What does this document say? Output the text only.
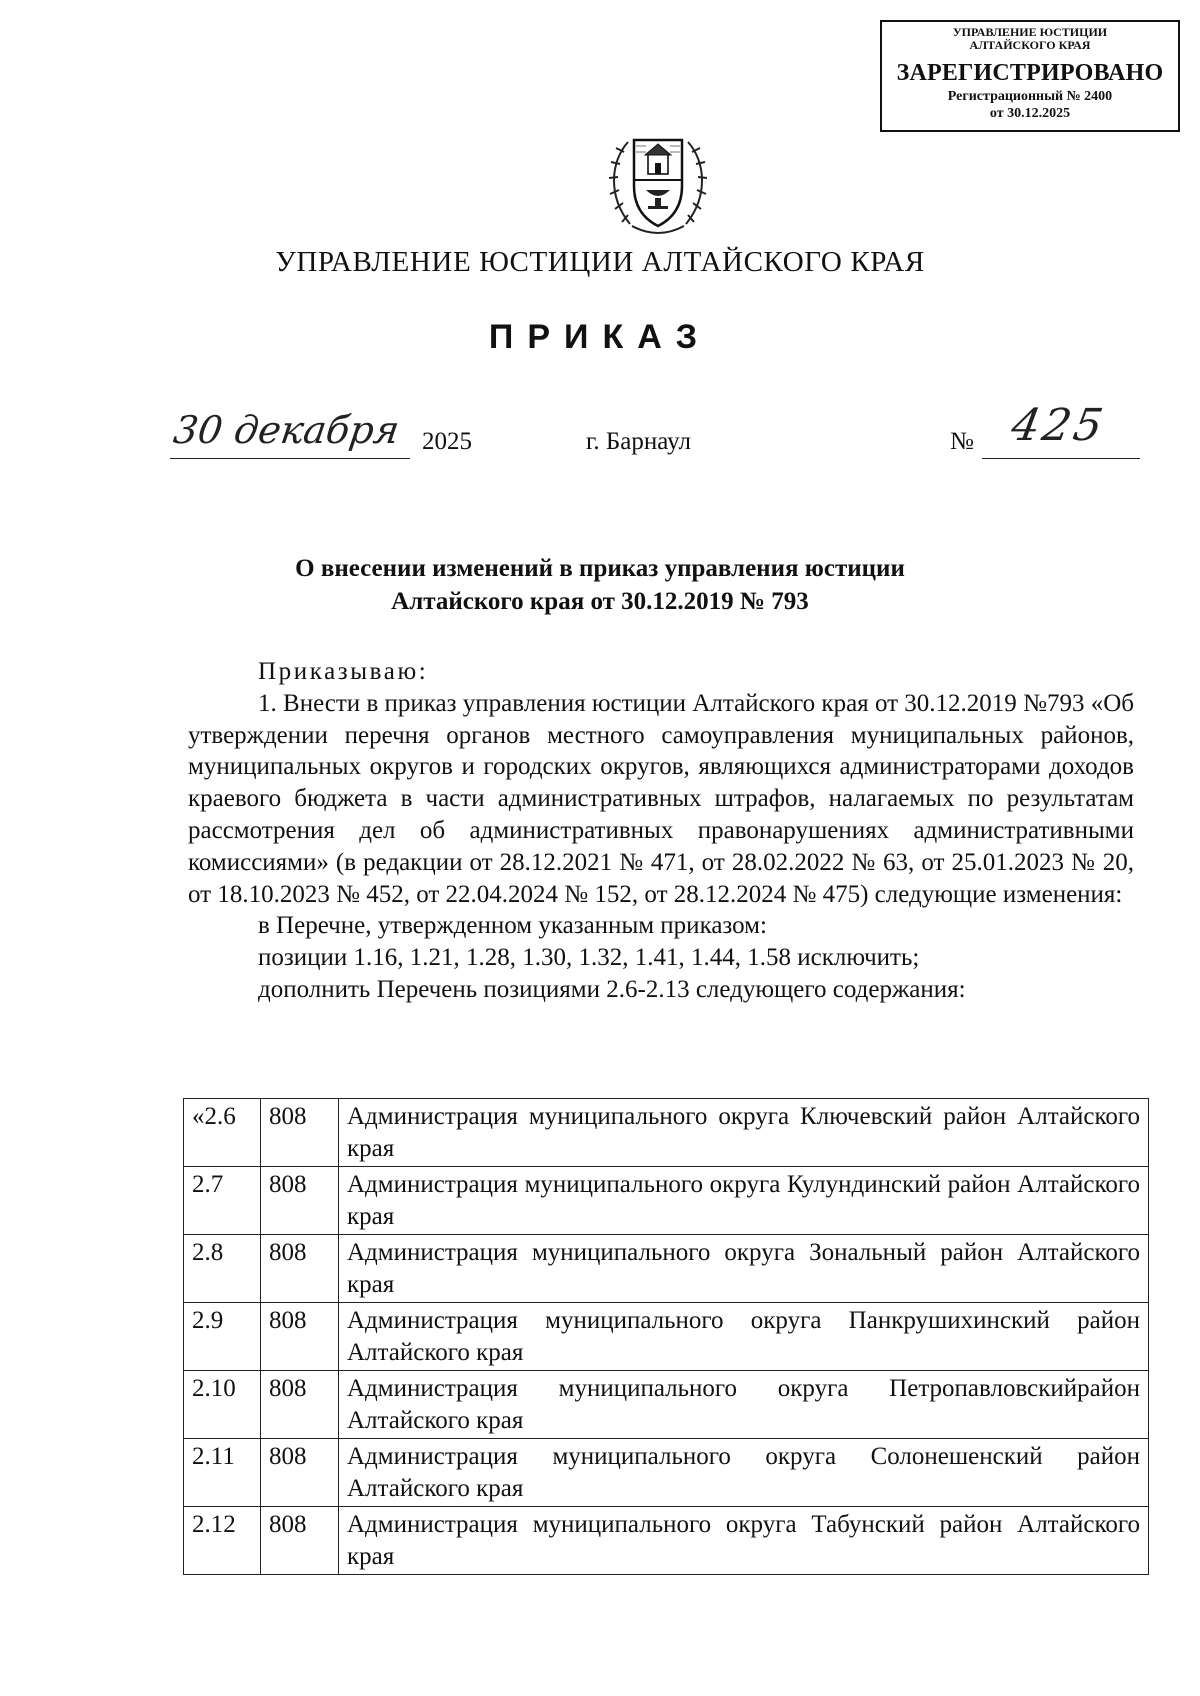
УПРАВЛЕНИЕ ЮСТИЦИИ
АЛТАЙСКОГО КРАЯ
ЗАРЕГИСТРИРОВАНО
Регистрационный № 2400
от 30.12.2025
УПРАВЛЕНИЕ ЮСТИЦИИ АЛТАЙСКОГО КРАЯ
ПРИКАЗ
30 декабря 2025	г. Барнаул	№ 425
О внесении изменений в приказ управления юстиции
Алтайского края от 30.12.2019 № 793

Приказываю:

1. Внести в приказ управления юстиции Алтайского края от 30.12.2019 №793 «Об утверждении перечня органов местного самоуправления муниципальных районов, муниципальных округов и городских округов, являющихся администраторами доходов краевого бюджета в части административных штрафов, налагаемых по результатам рассмотрения дел об административных правонарушениях административными комиссиями» (в редакции от 28.12.2021 № 471, от 28.02.2022 № 63, от 25.01.2023 № 20, от 18.10.2023 № 452, от 22.04.2024 № 152, от 28.12.2024 № 475) следующие изменения:

в Перечне, утвержденном указанным приказом:

позиции 1.16, 1.21, 1.28, 1.30, 1.32, 1.41, 1.44, 1.58 исключить;

дополнить Перечень позициями 2.6-2.13 следующего содержания:

«2.6	808	Администрация муниципального округа Ключевский район Алтайского края
2.7	808	Администрация муниципального округа Кулундинский район Алтайского края
2.8	808	Администрация муниципального округа Зональный район Алтайского края
2.9	808	Администрация муниципального округа Панкрушихинский район Алтайского края
2.10	808	Администрация муниципального округа Петропавловскийрайон Алтайского края
2.11	808	Администрация муниципального округа Солонешенский район Алтайского края
2.12	808	Администрация муниципального округа Табунский район Алтайского края
